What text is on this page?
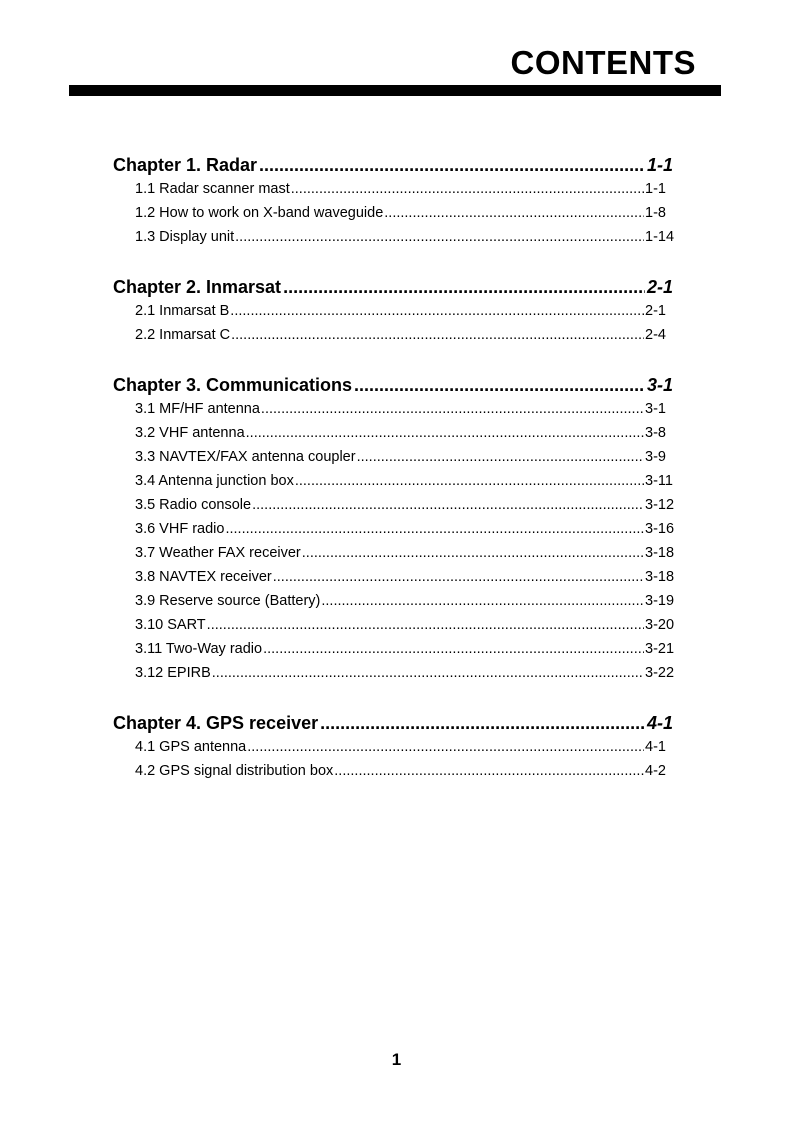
CONTENTS
Chapter 1. Radar .....	1-1
1.1 Radar scanner mast .....	1-1
1.2 How to work on X-band waveguide .....	1-8
1.3 Display unit .....	1-14
Chapter 2. Inmarsat .....	2-1
2.1 Inmarsat B .....	2-1
2.2 Inmarsat C .....	2-4
Chapter 3. Communications .....	3-1
3.1 MF/HF antenna .....	3-1
3.2 VHF antenna .....	3-8
3.3 NAVTEX/FAX antenna coupler .....	3-9
3.4 Antenna junction box .....	3-11
3.5 Radio console .....	3-12
3.6 VHF radio .....	3-16
3.7 Weather FAX receiver .....	3-18
3.8 NAVTEX receiver .....	3-18
3.9 Reserve source (Battery) .....	3-19
3.10 SART .....	3-20
3.11 Two-Way radio .....	3-21
3.12 EPIRB .....	3-22
Chapter 4. GPS receiver .....	4-1
4.1 GPS antenna .....	4-1
4.2 GPS signal distribution box .....	4-2
1
